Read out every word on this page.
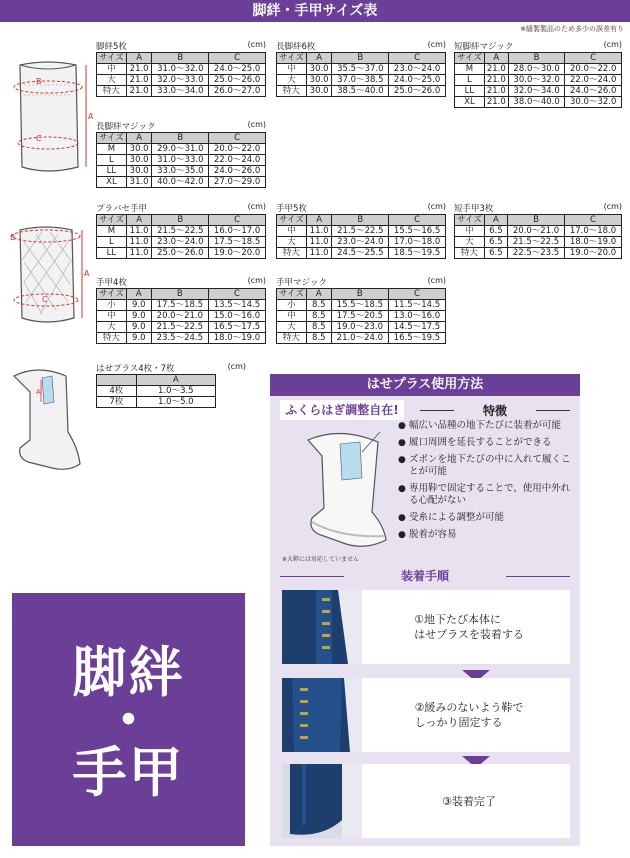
脚絆・手甲サイズ表
※縫製製品のため多少の誤差有り
B
C
A
B
C
A
A
脚絆5枚	(cm)
サイズ	A	B	C
中	21.0	31.0〜32.0	24.0〜25.0
大	21.0	32.0〜33.0	25.0〜26.0
特大	21.0	33.0〜34.0	26.0〜27.0
長脚絆6枚	(cm)
サイズ	A	B	C
中	30.0	35.5〜37.0	23.0〜24.0
大	30.0	37.0〜38.5	24.0〜25.0
特大	30.0	38.5〜40.0	25.0〜26.0
短脚絆マジック	(cm)
サイズ	A	B	C
M	21.0	28.0〜30.0	20.0〜22.0
L	21.0	30.0〜32.0	22.0〜24.0
LL	21.0	32.0〜34.0	24.0〜26.0
XL	21.0	38.0〜40.0	30.0〜32.0
長脚絆マジック	(cm)
サイズ	A	B	C
M	30.0	29.0〜31.0	20.0〜22.0
L	30.0	31.0〜33.0	22.0〜24.0
LL	30.0	33.0〜35.0	24.0〜26.0
XL	31.0	40.0〜42.0	27.0〜29.0
プラバセ手甲	(cm)
サイズ	A	B	C
M	11.0	21.5〜22.5	16.0〜17.0
L	11.0	23.0〜24.0	17.5〜18.5
LL	11.0	25.0〜26.0	19.0〜20.0
手甲5枚	(cm)
サイズ	A	B	C
中	11.0	21.5〜22.5	15.5〜16.5
大	11.0	23.0〜24.0	17.0〜18.0
特大	11.0	24.5〜25.5	18.5〜19.5
短手甲3枚	(cm)
サイズ	A	B	C
中	6.5	20.0〜21.0	17.0〜18.0
大	6.5	21.5〜22.5	18.0〜19.0
特大	6.5	22.5〜23.5	19.0〜20.0
手甲4枚	(cm)
サイズ	A	B	C
小	9.0	17.5〜18.5	13.5〜14.5
中	9.0	20.0〜21.0	15.0〜16.0
大	9.0	21.5〜22.5	16.5〜17.5
特大	9.0	23.5〜24.5	18.0〜19.0
手甲マジック	(cm)
サイズ	A	B	C
小	8.5	15.5〜18.5	11.5〜14.5
中	8.5	17.5〜20.5	13.0〜16.0
大	8.5	19.0〜23.0	14.5〜17.5
特大	8.5	21.0〜24.0	16.5〜19.5
はせプラス4枚・7枚	(cm)
	A
4枚	1.0〜3.5
7枚	1.0〜5.0
脚絆
・
手甲
はせプラス使用方法
ふくらはぎ調整自在!	特徴
● 幅広い品種の地下たびに装着が可能
● 履口周囲を延長することができる
● ズボンを地下たびの中に入れて履くことが可能
● 専用鞐で固定することで、使用中外れる心配がない
● 受糸による調整が可能
● 脱着が容易
※大鞐には対応していません
装着手順
①地下たび本体に
はせプラスを装着する
②緩みのないよう鞐で
しっかり固定する
③装着完了
